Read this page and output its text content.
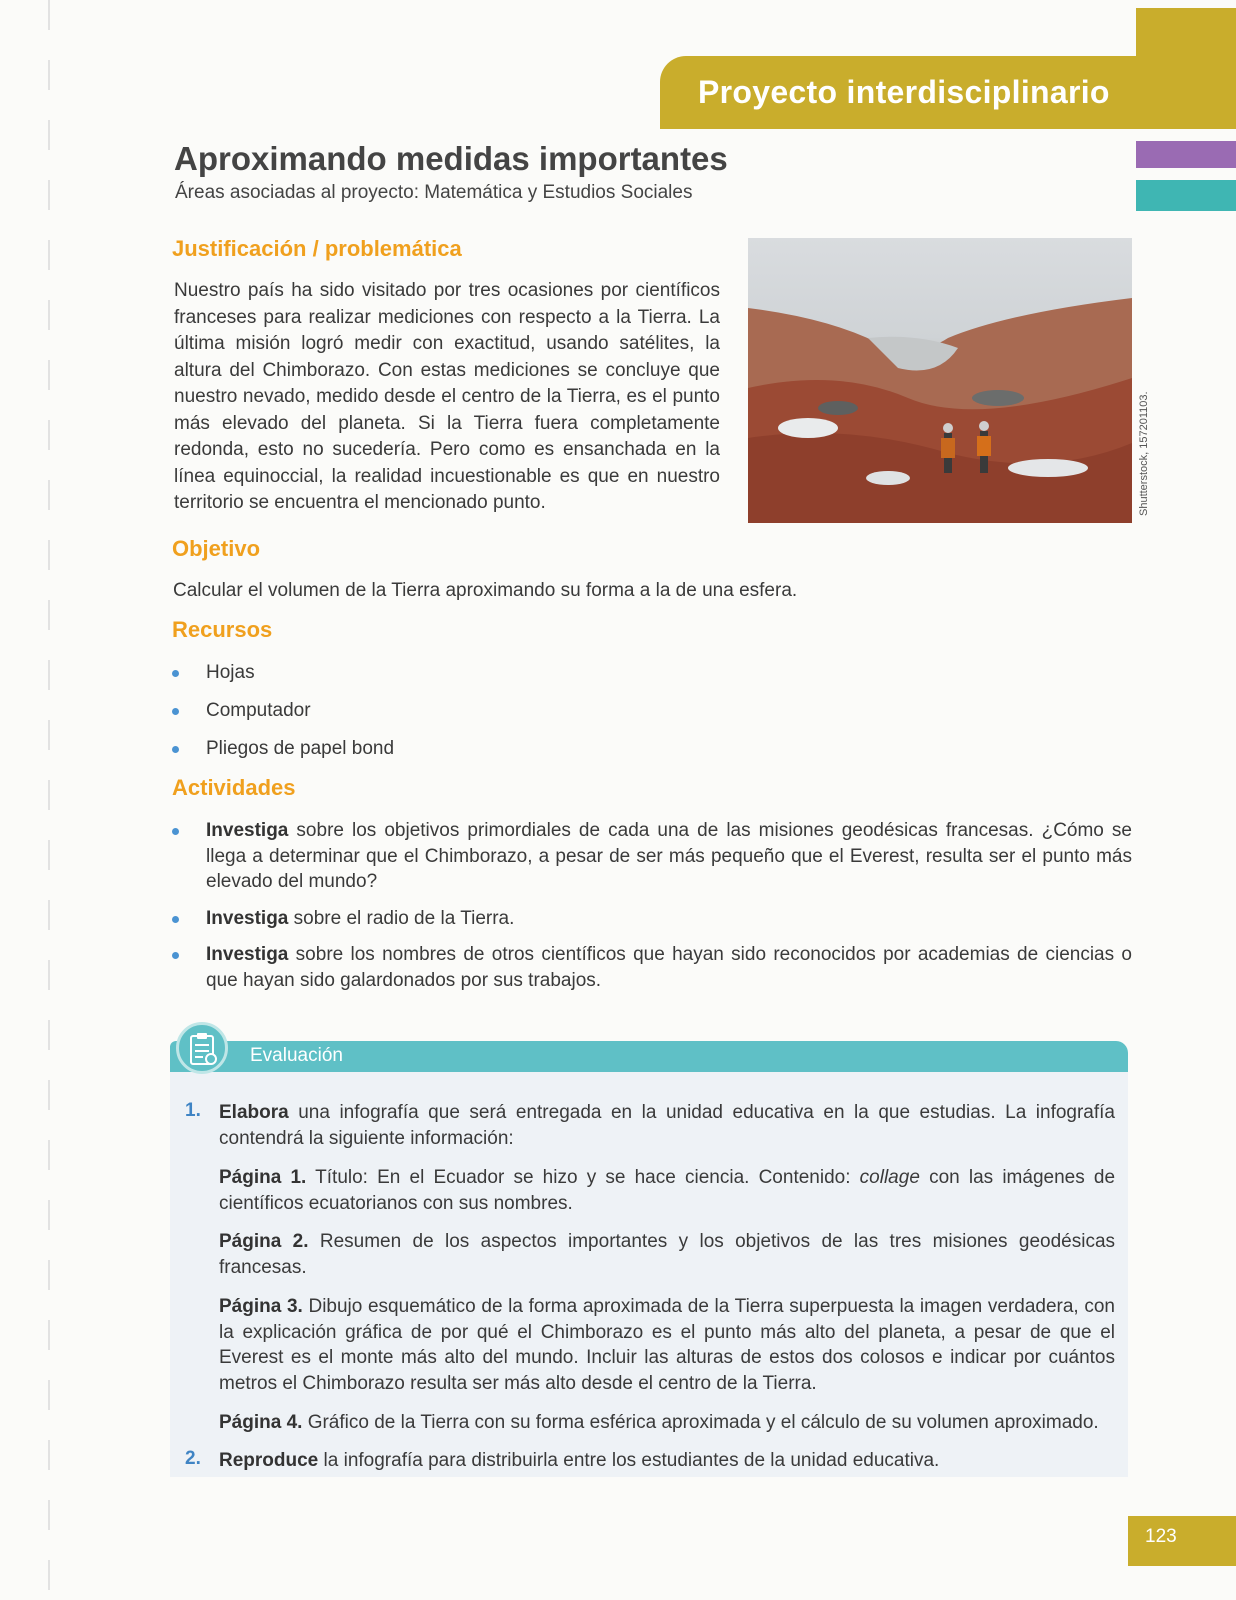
Proyecto interdisciplinario
Aproximando medidas importantes
Áreas asociadas al proyecto: Matemática y Estudios Sociales
Justificación / problemática

Nuestro país ha sido visitado por tres ocasiones por científicos franceses para realizar mediciones con respecto a la Tierra. La última misión logró medir con exactitud, usando satélites, la altura del Chimborazo. Con estas mediciones se concluye que nuestro nevado, medido desde el centro de la Tierra, es el punto más elevado del planeta. Si la Tierra fuera completamente redonda, esto no sucedería. Pero como es ensanchada en la línea equinoccial, la realidad incuestionable es que en nuestro territorio se encuentra el mencionado punto.	Shutterstock, 157201103.
Objetivo

Calcular el volumen de la Tierra aproximando su forma a la de una esfera.

Recursos
Hojas
Computador
Pliegos de papel bond
Actividades
Investiga sobre los objetivos primordiales de cada una de las misiones geodésicas francesas. ¿Cómo se llega a determinar que el Chimborazo, a pesar de ser más pequeño que el Everest, resulta ser el punto más elevado del mundo?
Investiga sobre el radio de la Tierra.
Investiga sobre los nombres de otros científicos que hayan sido reconocidos por academias de ciencias o que hayan sido galardonados por sus trabajos.
Evaluación
1. Elabora una infografía que será entregada en la unidad educativa en la que estudias. La infografía contendrá la siguiente información:

Página 1. Título: En el Ecuador se hizo y se hace ciencia. Contenido: collage con las imágenes de científicos ecuatorianos con sus nombres.

Página 2. Resumen de los aspectos importantes y los objetivos de las tres misiones geodésicas francesas.

Página 3. Dibujo esquemático de la forma aproximada de la Tierra superpuesta la imagen verdadera, con la explicación gráfica de por qué el Chimborazo es el punto más alto del planeta, a pesar de que el Everest es el monte más alto del mundo. Incluir las alturas de estos dos colosos e indicar por cuántos metros el Chimborazo resulta ser más alto desde el centro de la Tierra.

Página 4. Gráfico de la Tierra con su forma esférica aproximada y el cálculo de su volumen aproximado.

2. Reproduce la infografía para distribuirla entre los estudiantes de la unidad educativa.

123
